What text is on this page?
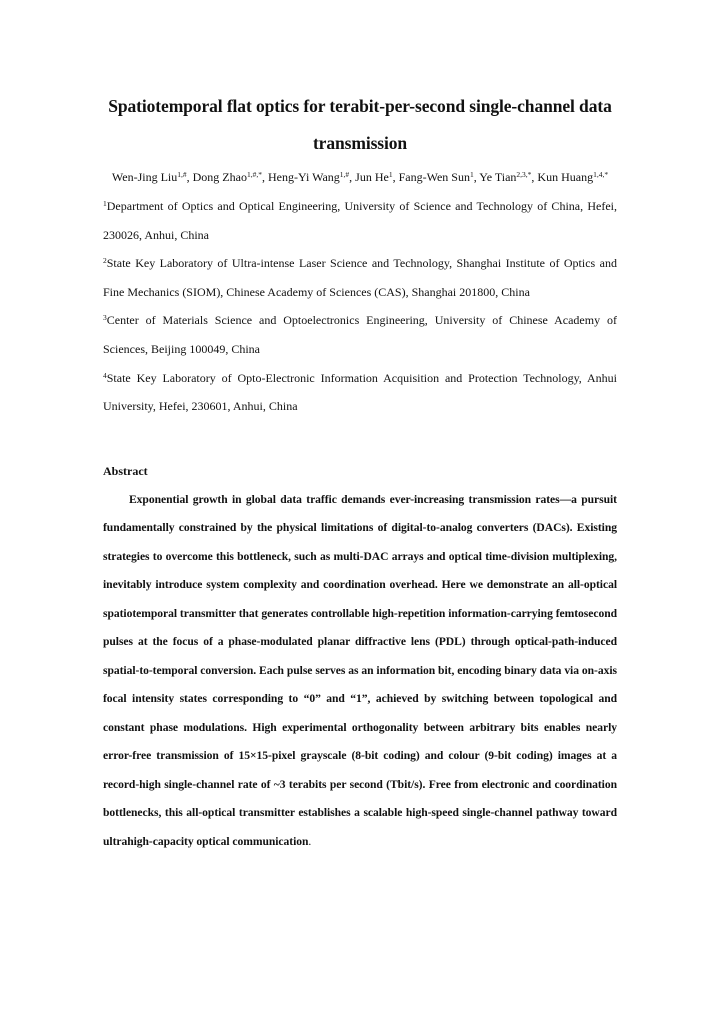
Spatiotemporal flat optics for terabit-per-second single-channel data transmission

Wen-Jing Liu$^{1,\#}$, Dong Zhao$^{1,\#,*}$, Heng-Yi Wang$^{1,\#}$, Jun He$^1$, Fang-Wen Sun$^1$, Ye Tian$^{2,3,*}$, Kun Huang$^{1,4,*}$

$^1$Department of Optics and Optical Engineering, University of Science and Technology of China, Hefei, 230026, Anhui, China

$^2$State Key Laboratory of Ultra-intense Laser Science and Technology, Shanghai Institute of Optics and Fine Mechanics (SIOM), Chinese Academy of Sciences (CAS), Shanghai 201800, China

$^3$Center of Materials Science and Optoelectronics Engineering, University of Chinese Academy of Sciences, Beijing 100049, China

$^4$State Key Laboratory of Opto-Electronic Information Acquisition and Protection Technology, Anhui University, Hefei, 230601, Anhui, China

Abstract

Exponential growth in global data traffic demands ever-increasing transmission rates—a pursuit fundamentally constrained by the physical limitations of digital-to-analog converters (DACs). Existing strategies to overcome this bottleneck, such as multi-DAC arrays and optical time-division multiplexing, inevitably introduce system complexity and coordination overhead. Here we demonstrate an all-optical spatiotemporal transmitter that generates controllable high-repetition information-carrying femtosecond pulses at the focus of a phase-modulated planar diffractive lens (PDL) through optical-path-induced spatial-to-temporal conversion. Each pulse serves as an information bit, encoding binary data via on-axis focal intensity states corresponding to “0” and “1”, achieved by switching between topological and constant phase modulations. High experimental orthogonality between arbitrary bits enables nearly error-free transmission of 15×15-pixel grayscale (8-bit coding) and colour (9-bit coding) images at a record-high single-channel rate of ~3 terabits per second (Tbit/s). Free from electronic and coordination bottlenecks, this all-optical transmitter establishes a scalable high-speed single-channel pathway toward ultrahigh-capacity optical communication.
